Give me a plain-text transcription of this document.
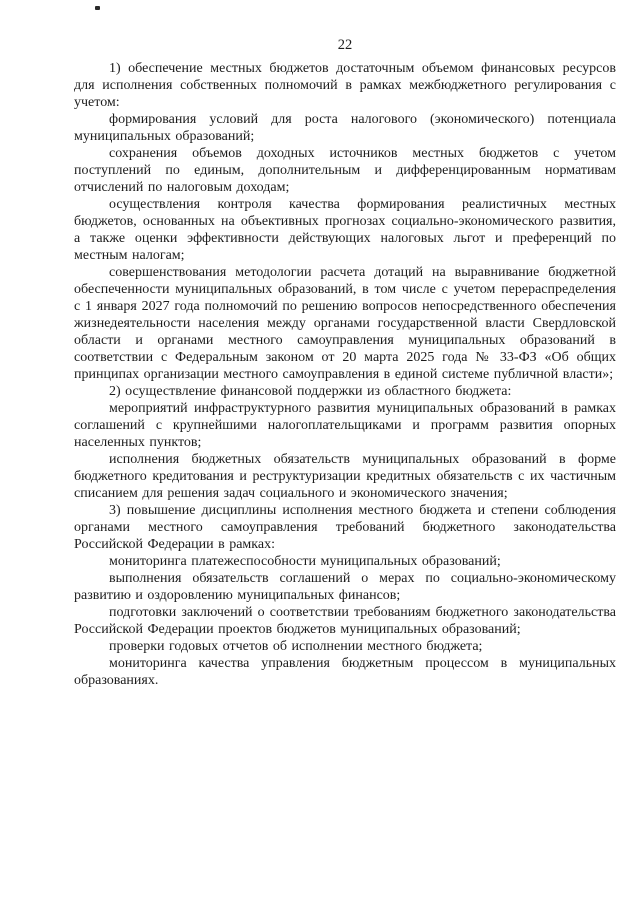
22

1) обеспечение местных бюджетов достаточным объемом финансовых ресурсов для исполнения собственных полномочий в рамках межбюджетного регулирования с учетом:

формирования условий для роста налогового (экономического) потенциала муниципальных образований;

сохранения объемов доходных источников местных бюджетов с учетом поступлений по единым, дополнительным и дифференцированным нормативам отчислений по налоговым доходам;

осуществления контроля качества формирования реалистичных местных бюджетов, основанных на объективных прогнозах социально-экономического развития, а также оценки эффективности действующих налоговых льгот и преференций по местным налогам;

совершенствования методологии расчета дотаций на выравнивание бюджетной обеспеченности муниципальных образований, в том числе с учетом перераспределения с 1 января 2027 года полномочий по решению вопросов непосредственного обеспечения жизнедеятельности населения между органами государственной власти Свердловской области и органами местного самоуправления муниципальных образований в соответствии с Федеральным законом от 20 марта 2025 года № 33-ФЗ «Об общих принципах организации местного самоуправления в единой системе публичной власти»;

2) осуществление финансовой поддержки из областного бюджета:

мероприятий инфраструктурного развития муниципальных образований в рамках соглашений с крупнейшими налогоплательщиками и программ развития опорных населенных пунктов;

исполнения бюджетных обязательств муниципальных образований в форме бюджетного кредитования и реструктуризации кредитных обязательств с их частичным списанием для решения задач социального и экономического значения;

3) повышение дисциплины исполнения местного бюджета и степени соблюдения органами местного самоуправления требований бюджетного законодательства Российской Федерации в рамках:

мониторинга платежеспособности муниципальных образований;

выполнения обязательств соглашений о мерах по социально-экономическому развитию и оздоровлению муниципальных финансов;

подготовки заключений о соответствии требованиям бюджетного законодательства Российской Федерации проектов бюджетов муниципальных образований;

проверки годовых отчетов об исполнении местного бюджета;

мониторинга качества управления бюджетным процессом в муниципальных образованиях.
